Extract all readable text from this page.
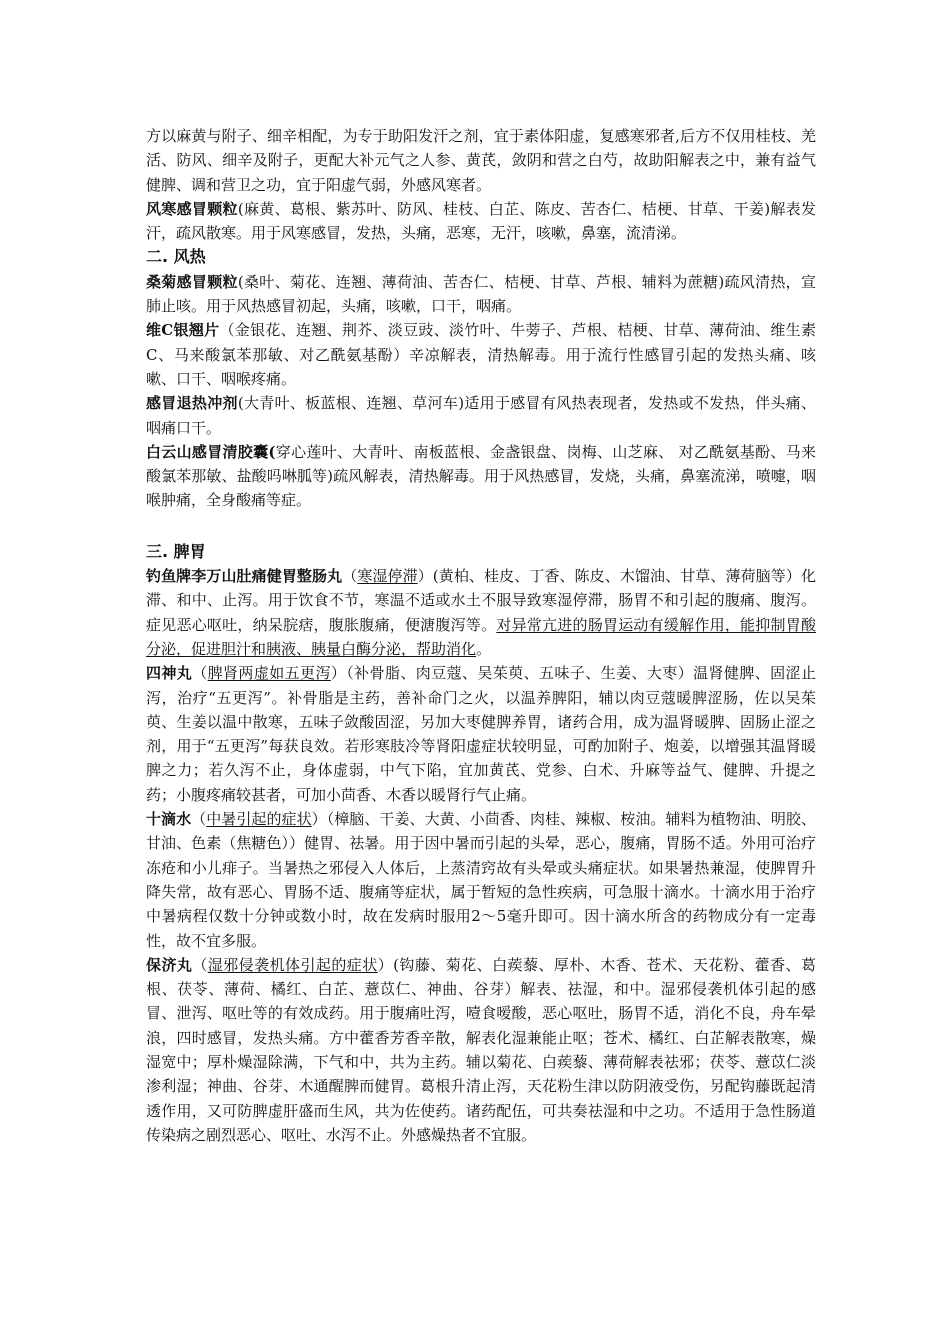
方以麻黄与附子、细辛相配，为专于助阳发汗之剂，宜于素体阳虚，复感寒邪者,后方不仅用桂枝、羌活、防风、细辛及附子，更配大补元气之人参、黄芪，敛阴和营之白芍，故助阳解表之中，兼有益气健脾、调和营卫之功，宜于阳虚气弱，外感风寒者。

风寒感冒颗粒(麻黄、葛根、紫苏叶、防风、桂枝、白芷、陈皮、苦杏仁、桔梗、甘草、干姜)解表发汗，疏风散寒。用于风寒感冒，发热，头痛，恶寒，无汗，咳嗽，鼻塞，流清涕。

二. 风热

桑菊感冒颗粒(桑叶、菊花、连翘、薄荷油、苦杏仁、桔梗、甘草、芦根、辅料为蔗糖)疏风清热，宣肺止咳。用于风热感冒初起，头痛，咳嗽，口干，咽痛。

维C银翘片（金银花、连翘、荆芥、淡豆豉、淡竹叶、牛蒡子、芦根、桔梗、甘草、薄荷油、维生素C、马来酸氯苯那敏、对乙酰氨基酚）辛凉解表，清热解毒。用于流行性感冒引起的发热头痛、咳嗽、口干、咽喉疼痛。

感冒退热冲剂(大青叶、板蓝根、连翘、草河车)适用于感冒有风热表现者，发热或不发热，伴头痛、咽痛口干。

白云山感冒清胶囊(穿心莲叶、大青叶、南板蓝根、金盏银盘、岗梅、山芝麻、 对乙酰氨基酚、马来酸氯苯那敏、盐酸吗啉胍等)疏风解表，清热解毒。用于风热感冒，发烧，头痛，鼻塞流涕，喷嚏，咽喉肿痛，全身酸痛等症。

三. 脾胃

钓鱼牌李万山肚痛健胃整肠丸（寒湿停滞）(黄柏、桂皮、丁香、陈皮、木馏油、甘草、薄荷脑等）化滞、和中、止泻。用于饮食不节，寒温不适或水土不服导致寒湿停滞，肠胃不和引起的腹痛、腹泻。症见恶心呕吐，纳呆脘痞，腹胀腹痛，便溏腹泻等。对异常亢进的肠胃运动有缓解作用，能抑制胃酸分泌，促进胆汁和胰液、胰量白酶分泌，帮助消化。

四神丸（脾肾两虚如五更泻）（补骨脂、肉豆蔻、吴茱萸、五味子、生姜、大枣）温肾健脾、固涩止泻，治疗“五更泻”。补骨脂是主药，善补命门之火，以温养脾阳，辅以肉豆蔻暖脾涩肠，佐以吴茱萸、生姜以温中散寒，五味子敛酸固涩，另加大枣健脾养胃，诸药合用，成为温肾暖脾、固肠止涩之剂，用于“五更泻”每获良效。若形寒肢冷等肾阳虚症状较明显，可酌加附子、炮姜，以增强其温肾暖脾之力；若久泻不止，身体虚弱，中气下陷，宜加黄芪、党参、白术、升麻等益气、健脾、升提之药；小腹疼痛较甚者，可加小茴香、木香以暖肾行气止痛。

十滴水（中暑引起的症状）（樟脑、干姜、大黄、小茴香、肉桂、辣椒、桉油。辅料为植物油、明胶、甘油、色素（焦糖色））健胃、祛暑。用于因中暑而引起的头晕，恶心，腹痛，胃肠不适。外用可治疗冻疮和小儿痱子。当暑热之邪侵入人体后，上蒸清窍故有头晕或头痛症状。如果暑热兼湿，使脾胃升降失常，故有恶心、胃肠不适、腹痛等症状，属于暂短的急性疾病，可急服十滴水。十滴水用于治疗中暑病程仅数十分钟或数小时，故在发病时服用2～5毫升即可。因十滴水所含的药物成分有一定毒性，故不宜多服。

保济丸（湿邪侵袭机体引起的症状）(钩藤、菊花、白蒺藜、厚朴、木香、苍术、天花粉、藿香、葛根、茯苓、薄荷、橘红、白芷、薏苡仁、神曲、谷芽）解表、祛湿，和中。湿邪侵袭机体引起的感冒、泄泻、呕吐等的有效成药。用于腹痛吐泻，噎食嗳酸，恶心呕吐，肠胃不适，消化不良，舟车晕浪，四时感冒，发热头痛。方中藿香芳香辛散，解表化湿兼能止呕；苍术、橘红、白芷解表散寒，燥湿宽中；厚朴燥湿除满，下气和中，共为主药。辅以菊花、白蒺藜、薄荷解表祛邪；茯苓、薏苡仁淡渗利湿；神曲、谷芽、木通醒脾而健胃。葛根升清止泻，天花粉生津以防阴液受伤，另配钩藤既起清透作用，又可防脾虚肝盛而生风，共为佐使药。诸药配伍，可共奏祛湿和中之功。不适用于急性肠道传染病之剧烈恶心、呕吐、水泻不止。外感燥热者不宜服。
